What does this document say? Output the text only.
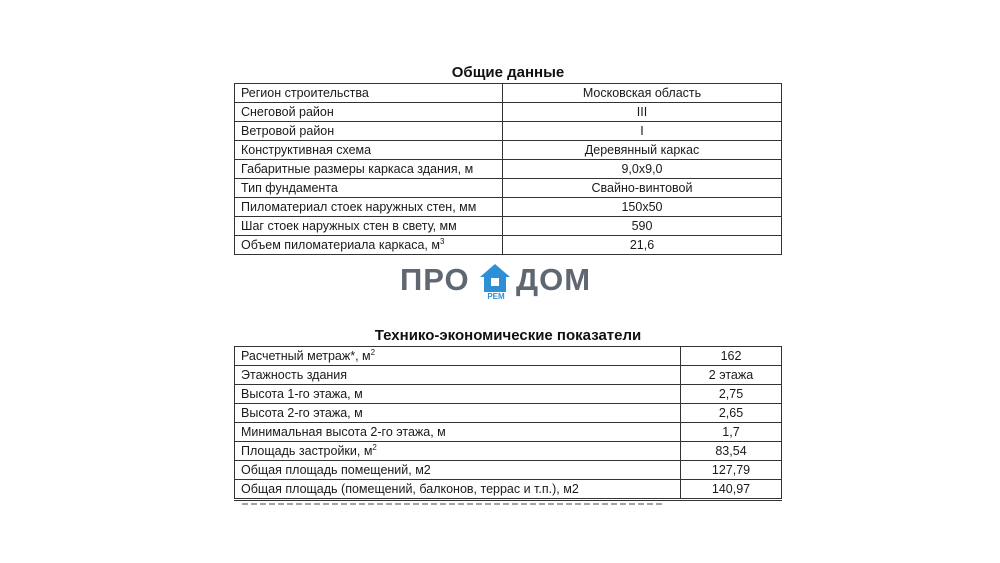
Общие данные
Регион строительства	Московская область
Снеговой район	III
Ветровой район	I
Конструктивная схема	Деревянный каркас
Габаритные размеры каркаса здания, м	9,0x9,0
Тип фундамента	Свайно-винтовой
Пиломатериал стоек наружных стен, мм	150x50
Шаг стоек наружных стен в свету, мм	590
Объем пиломатериала каркаса, $м^3$	21,6
ПРО	РЕМ ДОМ
Технико-экономические показатели
Расчетный метраж*, $м^2$	162
Этажность здания	2 этажа
Высота 1-го этажа, м	2,75
Высота 2-го этажа, м	2,65
Минимальная высота 2-го этажа, м	1,7
Площадь застройки, $м^2$	83,54
Общая площадь помещений, м2	127,79
Общая площадь (помещений, балконов, террас и т.п.), м2	140,97
